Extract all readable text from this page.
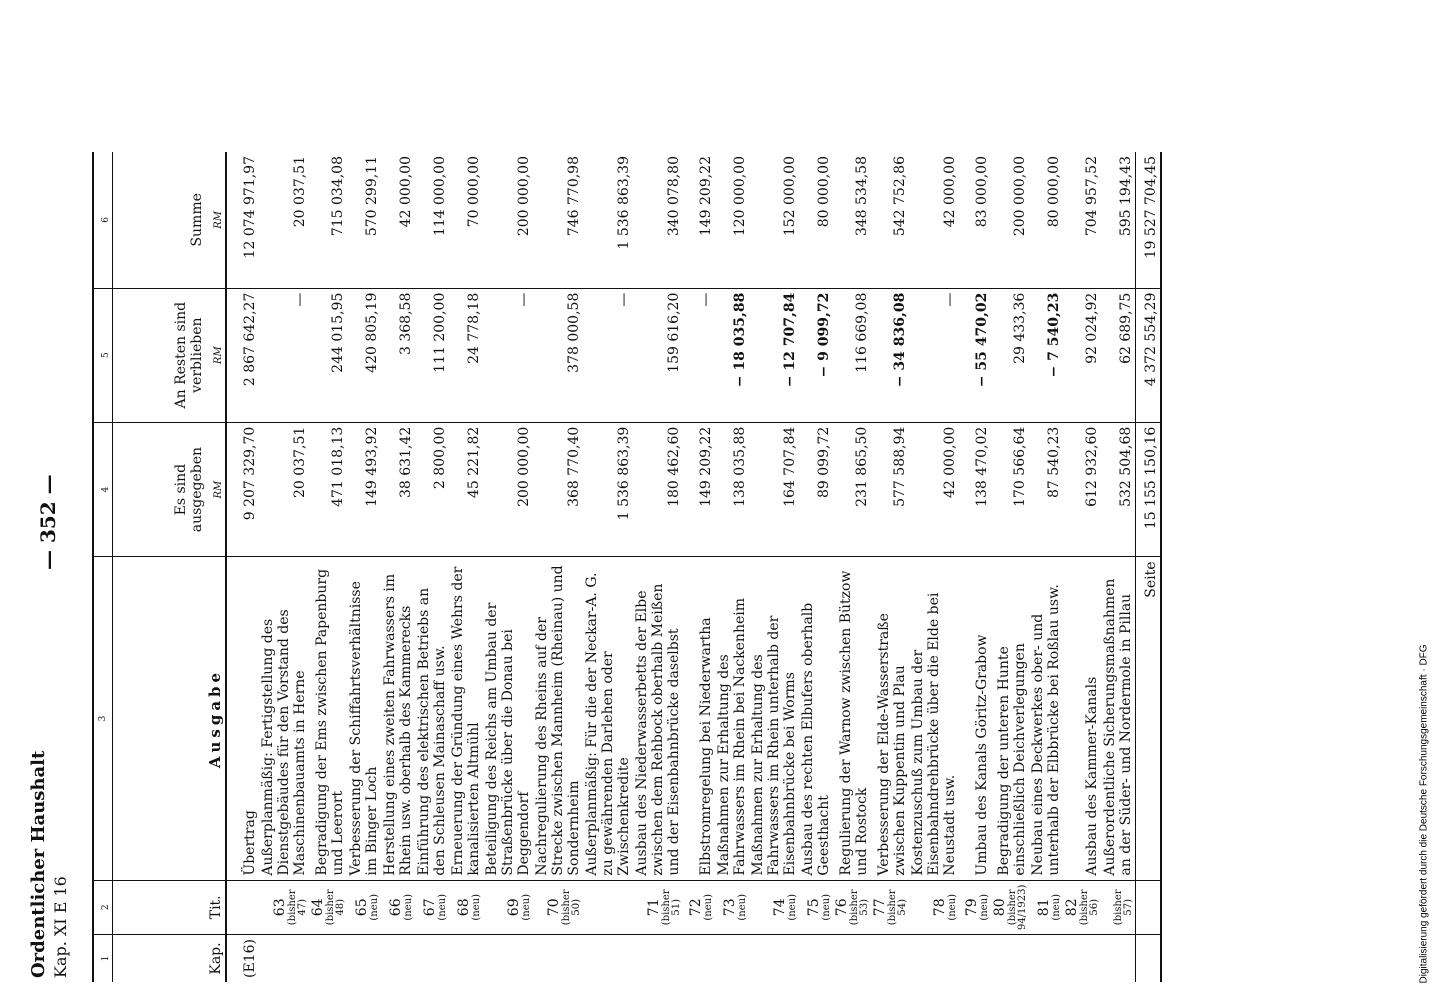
Ordentlicher Haushalt Kap. XI E 16
— 352 —
1	2	3	4	5	6
Kap.	Tit.	Ausgabe	Es sind ausgegeben RM	An Resten sind verblieben RM	Summe RM

(E16)		Übertrag	9 207 329,70	2 867 642,27	12 074 971,97
	63 (bisher 47)	Außerplanmäßig: Fertigstellung des Dienstgebäudes für den Vorstand des Maschinenbauamts in Herne	20 037,51	—	20 037,51
	64 (bisher 48)	Begradigung der Ems zwischen Papenburg und Leerort	471 018,13	244 015,95	715 034,08
	65 (neu)	Verbesserung der Schiffahrtsverhältnisse im Binger Loch	149 493,92	420 805,19	570 299,11
	66 (neu)	Herstellung eines zweiten Fahrwassers im Rhein usw. oberhalb des Kammerecks	38 631,42	3 368,58	42 000,00
	67 (neu)	Einführung des elektrischen Betriebs an den Schleusen Mainaschaff usw.	2 800,00	111 200,00	114 000,00
	68 (neu)	Erneuerung der Gründung eines Wehrs der kanalisierten Altmühl	45 221,82	24 778,18	70 000,00
	69 (neu)	Beteiligung des Reichs am Umbau der Straßenbrücke über die Donau bei Deggendorf	200 000,00	—	200 000,00
	70 (bisher 50)	Nachregulierung des Rheins auf der Strecke zwischen Mannheim (Rheinau) und Sondernheim	368 770,40	378 000,58	746 770,98

	Außerplanmäßig: Für die der Neckar-A. G. zu gewährenden Darlehen oder Zwischenkredite	1 536 863,39	—	1 536 863,39
	71 (bisher 51)	Ausbau des Niederwasserbetts der Elbe zwischen dem Rehbock oberhalb Meißen und der Eisenbahnbrücke daselbst	180 462,60	159 616,20	340 078,80
	72 (neu)	Elbstromregelung bei Niederwartha	149 209,22	—	149 209,22
	73 (neu)	Maßnahmen zur Erhaltung des Fahrwassers im Rhein bei Nackenheim	138 035,88	− 18 035,88	120 000,00
	74 (neu)	Maßnahmen zur Erhaltung des Fahrwassers im Rhein unterhalb der Eisenbahnbrücke bei Worms	164 707,84	− 12 707,84	152 000,00
	75 (neu)	Ausbau des rechten Elbufers oberhalb Geesthacht	89 099,72	− 9 099,72	80 000,00
	76 (bisher 53)	Regulierung der Warnow zwischen Bützow und Rostock	231 865,50	116 669,08	348 534,58
	77 (bisher 54)	Verbesserung der Elde-Wasserstraße zwischen Kuppentin und Plau	577 588,94	− 34 836,08	542 752,86
	78 (neu)	Kostenzuschuß zum Umbau der Eisenbahndrehbrücke über die Elde bei Neustadt usw.	42 000,00	—	42 000,00
	79 (neu)	Umbau des Kanals Göritz-Grabow	138 470,02	− 55 470,02	83 000,00
	80 (bisher 94/1923)	Begradigung der unteren Hunte einschließlich Deichverlegungen	170 566,64	29 433,36	200 000,00
	81 (neu)	Neubau eines Deckwerkes ober- und unterhalb der Elbbrücke bei Roßlau usw.	87 540,23	− 7 540,23	80 000,00
	82 (bisher 56)	Ausbau des Kammer-Kanals	612 932,60	92 024,92	704 957,52

	(bisher 57)	Außerordentliche Sicherungsmaßnahmen an der Süder- und Nordermole in Pillau	532 504,68	62 689,75	595 194,43
		Seite	15 155 150,16	4 372 554,29	19 527 704,45
Digitalisierung gefördert durch die Deutsche Forschungsgemeinschaft · DFG
